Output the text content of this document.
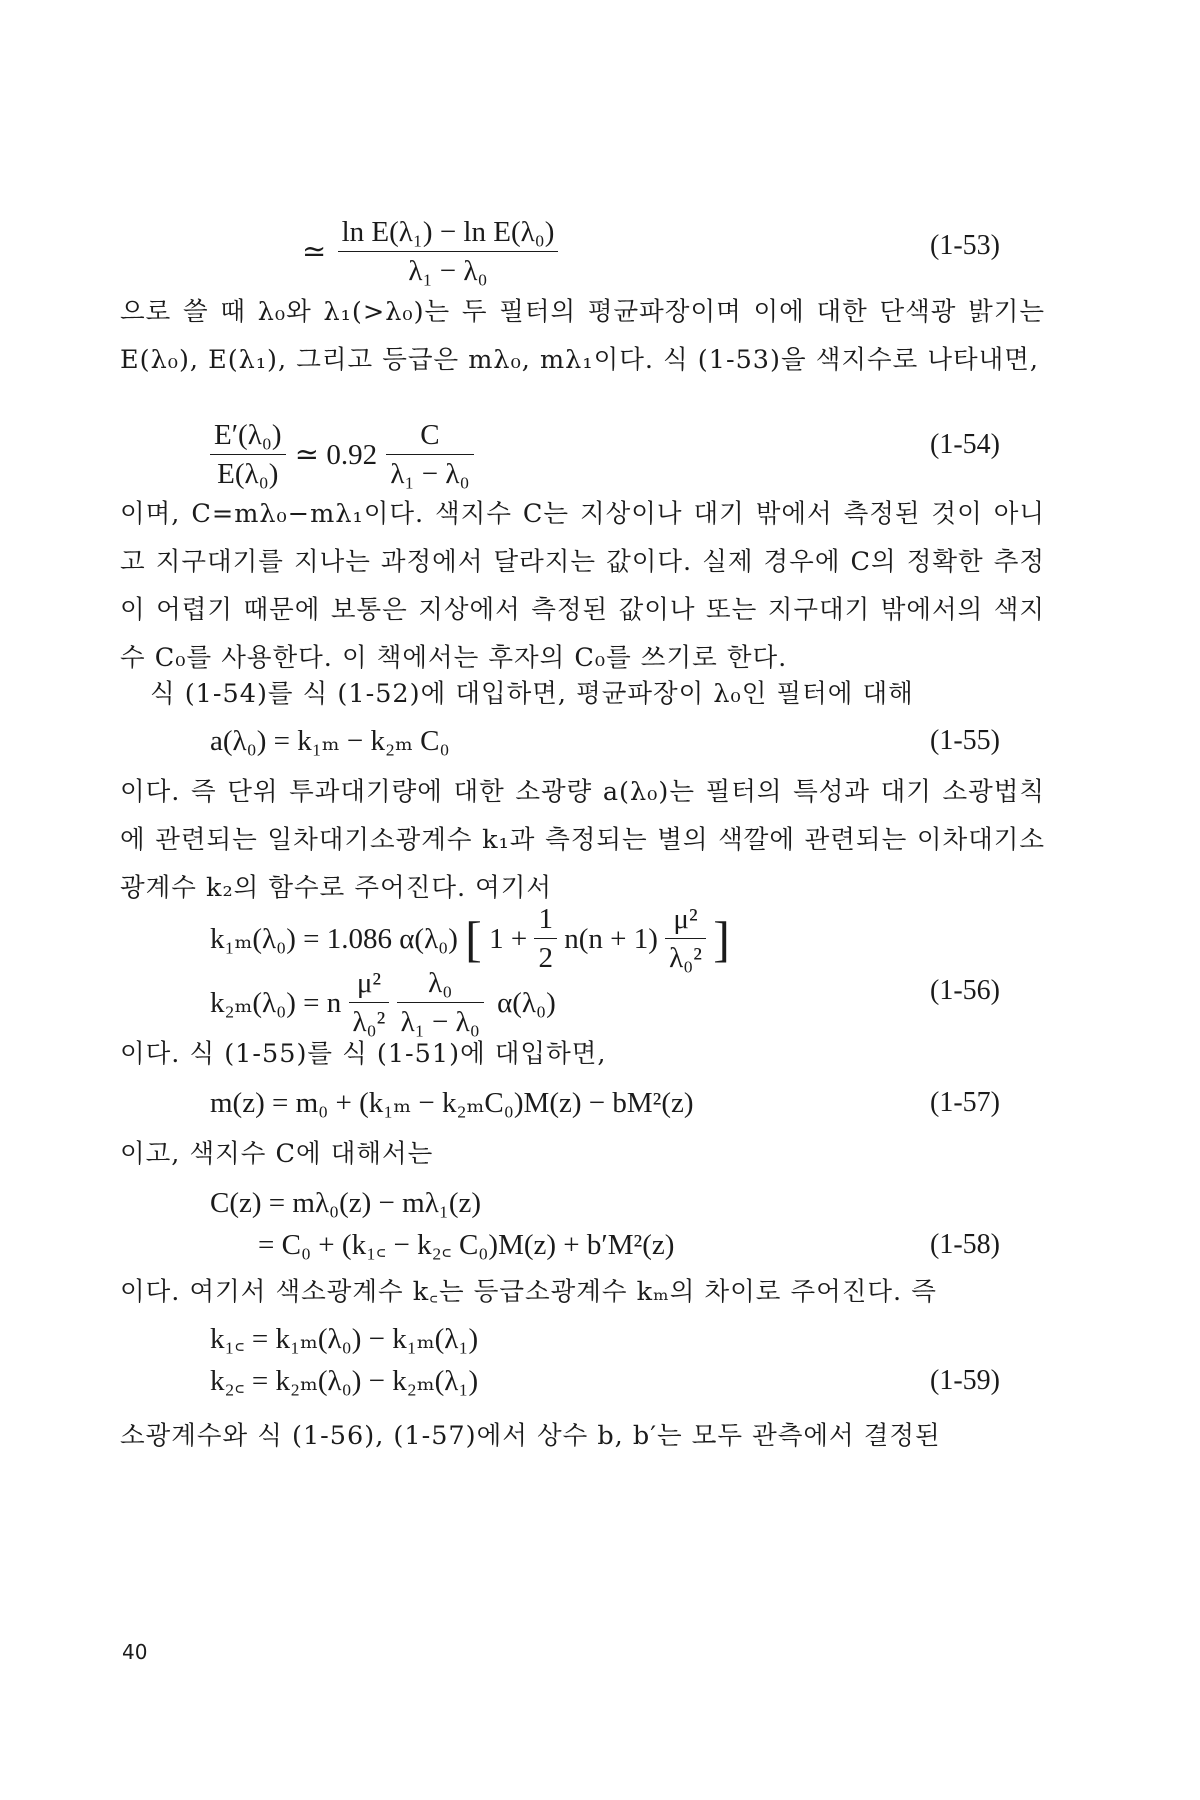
≃ $\frac{\text{ln E(λ₁) − ln E(λ₀)}}{\text{λ₁ − λ₀}}$	(1-53)

으로 쓸 때 λ₀와 λ₁(>λ₀)는 두 필터의 평균파장이며 이에 대한 단색광 밝기는 E(λ₀), E(λ₁), 그리고 등급은 mλ₀, mλ₁이다. 식 (1-53)을 색지수로 나타내면,

$\frac{\text{E′(λ₀)}}{\text{E(λ₀)}}$ ≃ $0.92 \frac{C}{\text{λ₁ − λ₀}}$	(1-54)

이며, C=mλ₀−mλ₁이다. 색지수 C는 지상이나 대기 밖에서 측정된 것이 아니고 지구대기를 지나는 과정에서 달라지는 값이다. 실제 경우에 C의 정확한 추정이 어렵기 때문에 보통은 지상에서 측정된 값이나 또는 지구대기 밖에서의 색지수 C₀를 사용한다. 이 책에서는 후자의 C₀를 쓰기로 한다.

식 (1-54)를 식 (1-52)에 대입하면, 평균파장이 λ₀인 필터에 대해

a(λ₀) = k₁ₘ − k₂ₘ C₀	(1-55)

이다. 즉 단위 투과대기량에 대한 소광량 a(λ₀)는 필터의 특성과 대기 소광법칙에 관련되는 일차대기소광계수 k₁과 측정되는 별의 색깔에 관련되는 이차대기소광계수 k₂의 함수로 주어진다. 여기서

k₁ₘ(λ₀) = 1.086 α(λ₀) [ $1 + \frac{1}{2} n(n + 1) \frac{\text{μ²}}{\text{λ₀²}}$ ]
k₂ₘ(λ₀) = n $\frac{\text{μ²}}{\text{λ₀²}}$
$\frac{\text{λ₀}}{\text{λ₁ − λ₀}} \alpha(\lambda_0)$	(1-56)

이다. 식 (1-55)를 식 (1-51)에 대입하면,

m(z) = m₀ + (k₁ₘ − k₂ₘC₀)M(z) − bM²(z)	(1-57)

이고, 색지수 C에 대해서는

C(z) = mλ₀(z) − mλ₁(z)
= C₀ + (k₁꜀ − k₂꜀ C₀)M(z) + b′M²(z)	(1-58)

이다. 여기서 색소광계수 k꜀는 등급소광계수 kₘ의 차이로 주어진다. 즉

k₁꜀ = k₁ₘ(λ₀) − k₁ₘ(λ₁)
k₂꜀ = k₂ₘ(λ₀) − k₂ₘ(λ₁)	(1-59)

소광계수와 식 (1-56), (1-57)에서 상수 b, b′는 모두 관측에서 결정된

40
